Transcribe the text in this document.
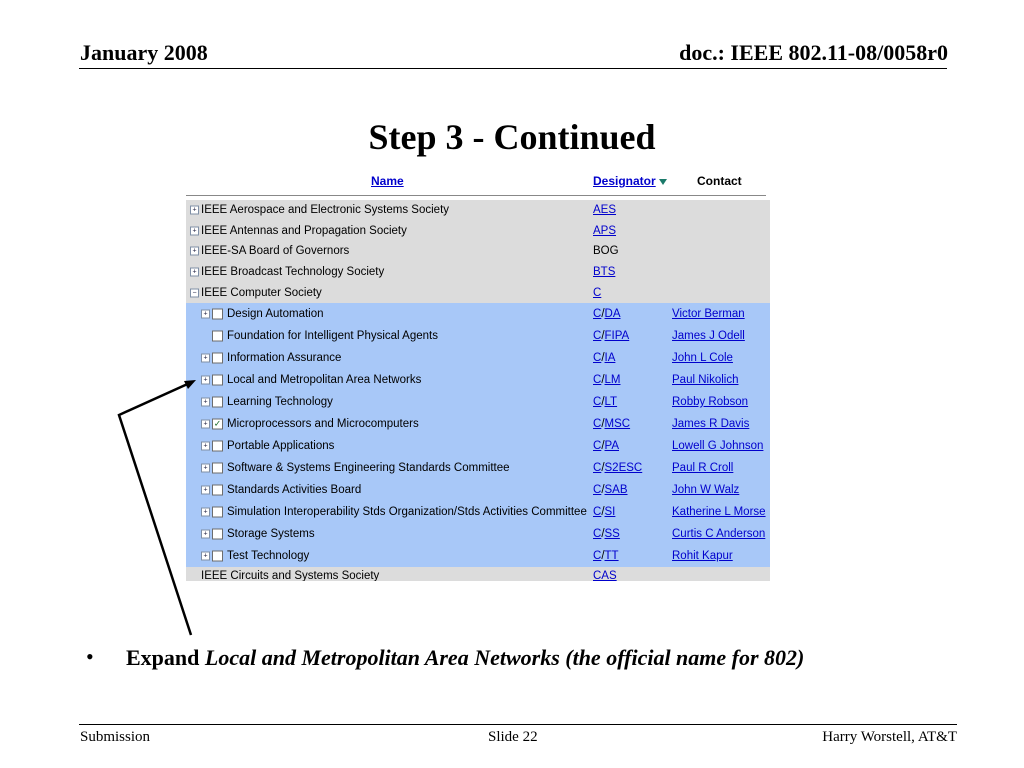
January 2008	doc.: IEEE 802.11-08/0058r0
Step 3 - Continued
Name	Designator	Contact
+ IEEE Aerospace and Electronic Systems Society	AES
+ IEEE Antennas and Propagation Society	APS
+ IEEE-SA Board of Governors	BOG
+ IEEE Broadcast Technology Society	BTS
− IEEE Computer Society	C
+ Design Automation	C/DA	Victor Berman
Foundation for Intelligent Physical Agents	C/FIPA	James J Odell
+ Information Assurance	C/IA	John L Cole
+ Local and Metropolitan Area Networks	C/LM	Paul Nikolich
+ Learning Technology	C/LT	Robby Robson
+ ✓ Microprocessors and Microcomputers	C/MSC	James R Davis
+ Portable Applications	C/PA	Lowell G Johnson
+ Software & Systems Engineering Standards Committee	C/S2ESC	Paul R Croll
+ Standards Activities Board	C/SAB	John W Walz
+ Simulation Interoperability Stds Organization/Stds Activities Committee C/SI	Katherine L Morse
+ Storage Systems	C/SS	Curtis C Anderson
+ Test Technology	C/TT	Rohit Kapur
IEEE Circuits and Systems Society	CAS
• Expand Local and Metropolitan Area Networks (the official name for 802)
Submission	Slide 22	Harry Worstell, AT&T
